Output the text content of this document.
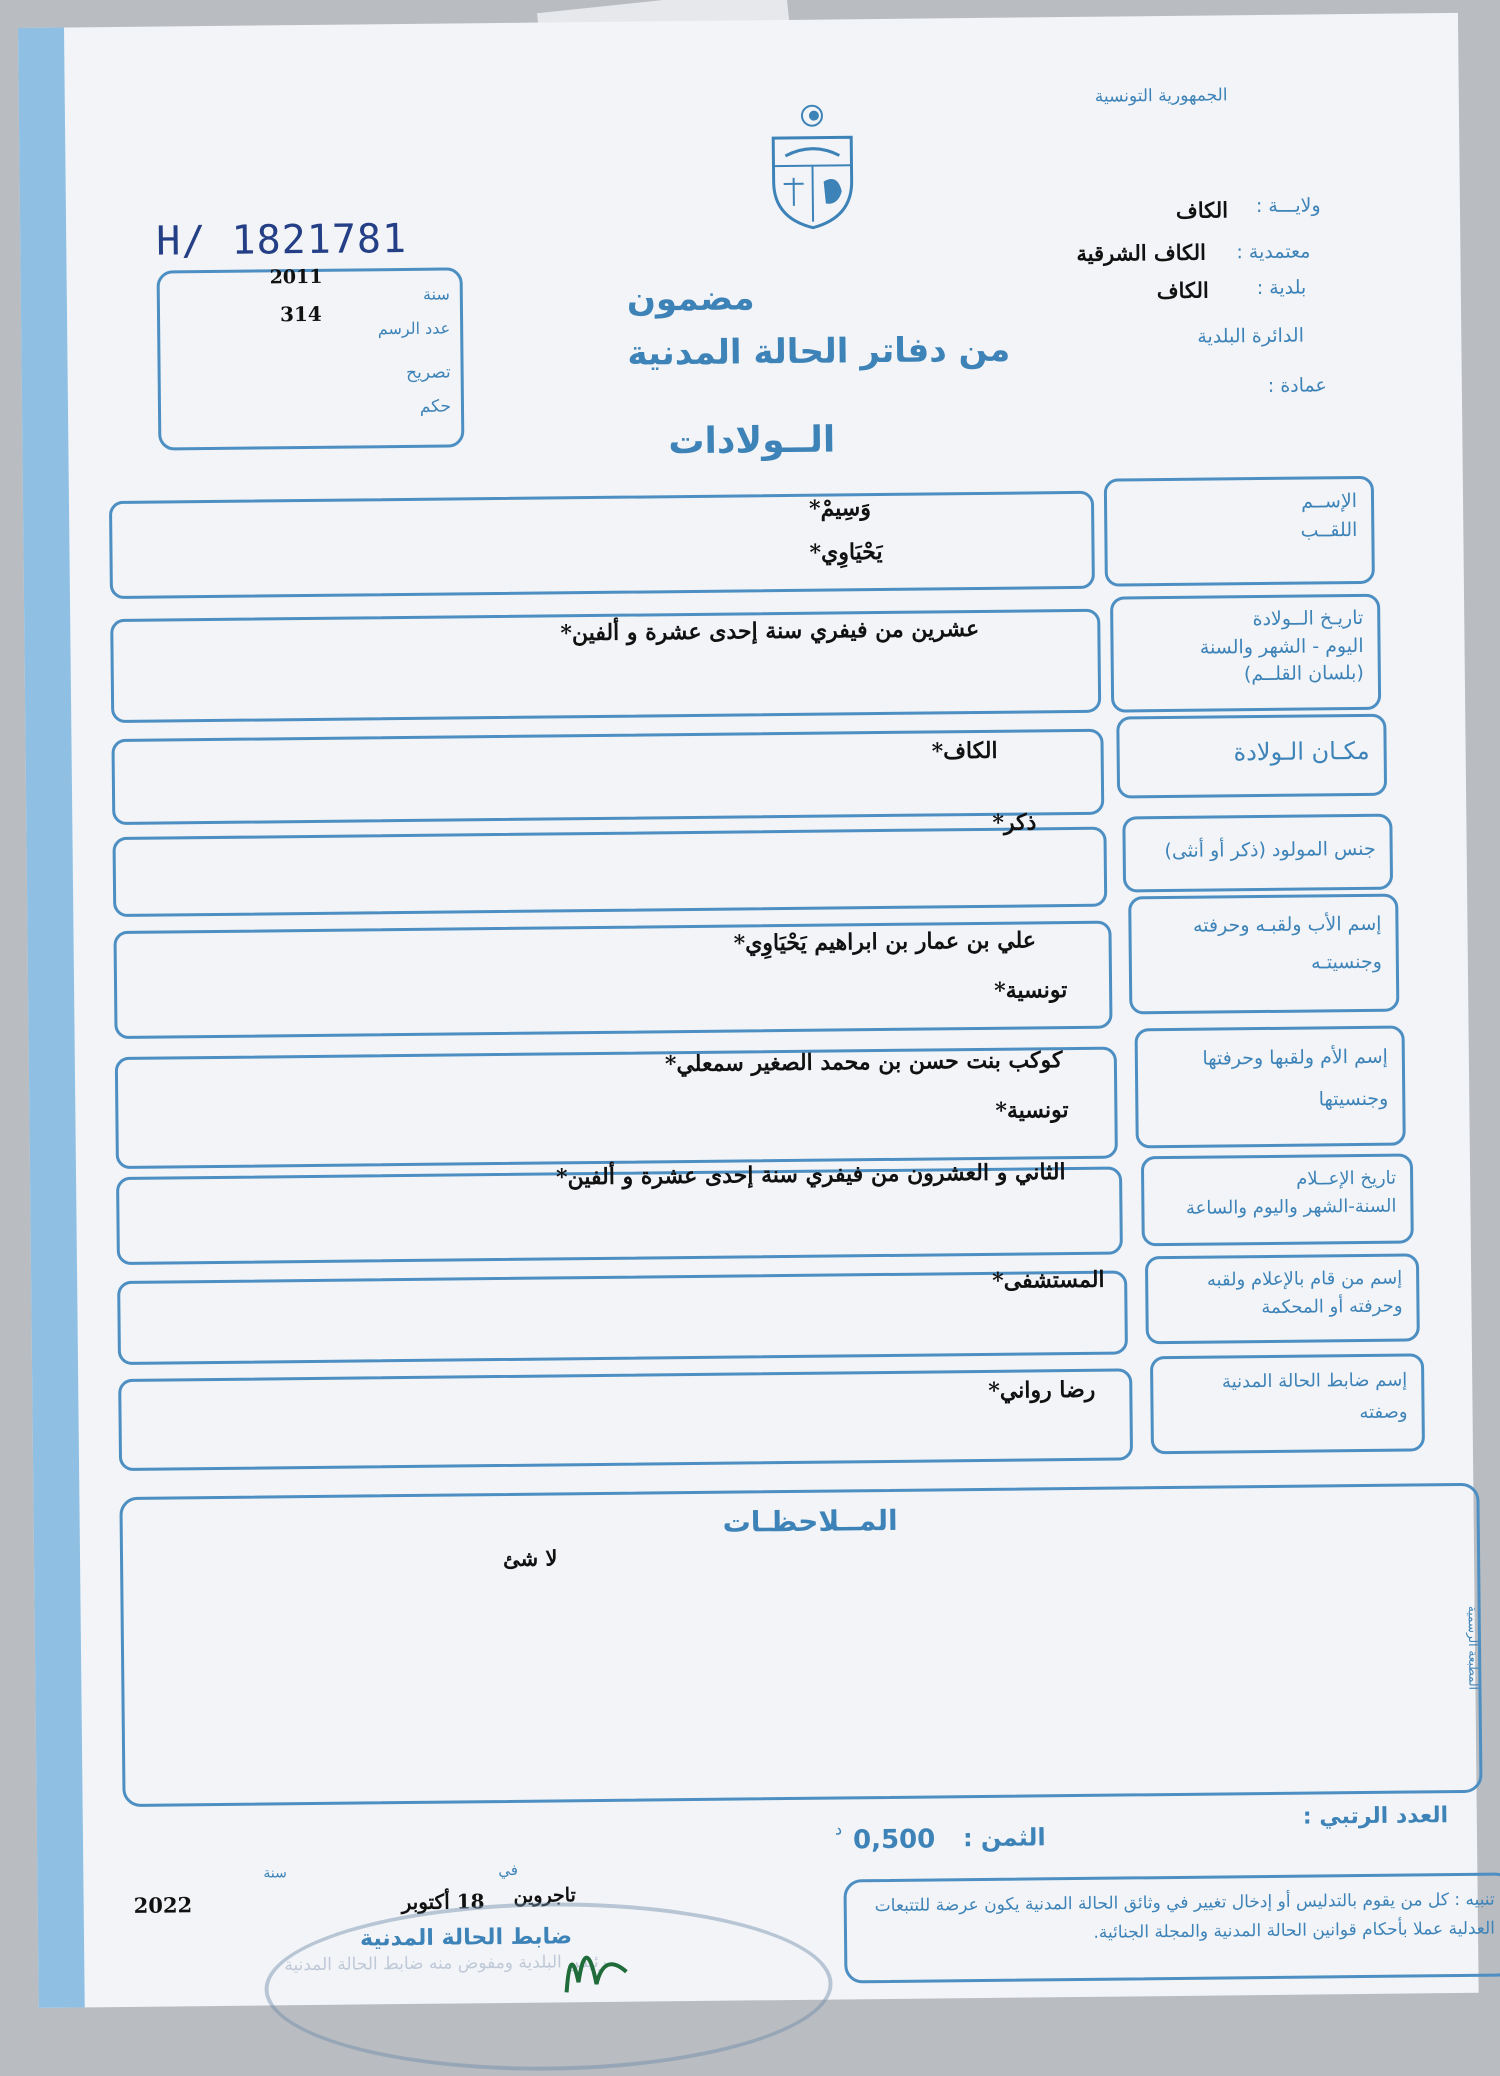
الجمهورية التونسية
ولايـــة :
الكاف
معتمدية :
الكاف الشرقية
بلدية :
الكاف
الدائرة البلدية
عمادة :
H/ 1821781
سنة
2011
عدد الرسم
314
تصريح
حكم
مضمون
من دفاتر الحالة المدنية
الــولادات
الإســم
اللقــب
وَسِيمْ*
يَحْيَاوِي*
تاريـخ الــولادة
اليوم - الشهر والسنة
(بلسان القلــم)
عشرين من فيفري سنة إحدى عشرة و ألفين*
مكـان الـولادة
الكاف*
جنس المولود (ذكر أو أنثى)
ذكر*
إسم الأب ولقبـه وحرفته
وجنسيتـه
علي بن عمار بن ابراهيم يَحْيَاوِي*
تونسية*
إسم الأم ولقبها وحرفتها
وجنسيتها
كوكب بنت حسن بن محمد الصغير سمعلي*
تونسية*
تاريخ الإعــلام
السنة-الشهر واليوم والساعة
الثاني و العشرون من فيفري سنة إحدى عشرة و ألفين*
إسم من قام بالإعلام ولقبه
وحرفته أو المحكمة
المستشفى*
إسم ضابط الحالة المدنية
وصفته
رضا رواني*
المــلاحظـات
لا شئ
المطبعة الرسمية
العدد الرتبي :
الثمن :
0,500
د
تاجروين
في
18 أكتوبر
سنة
2022
ضابط الحالة المدنية
رئيس البلدية ومفوض منه ضابط الحالة المدنية
تنبيه : كل من يقوم بالتدليس أو إدخال تغيير في وثائق الحالة المدنية يكون عرضة للتتبعات العدلية عملا بأحكام قوانين الحالة المدنية والمجلة الجنائية.
